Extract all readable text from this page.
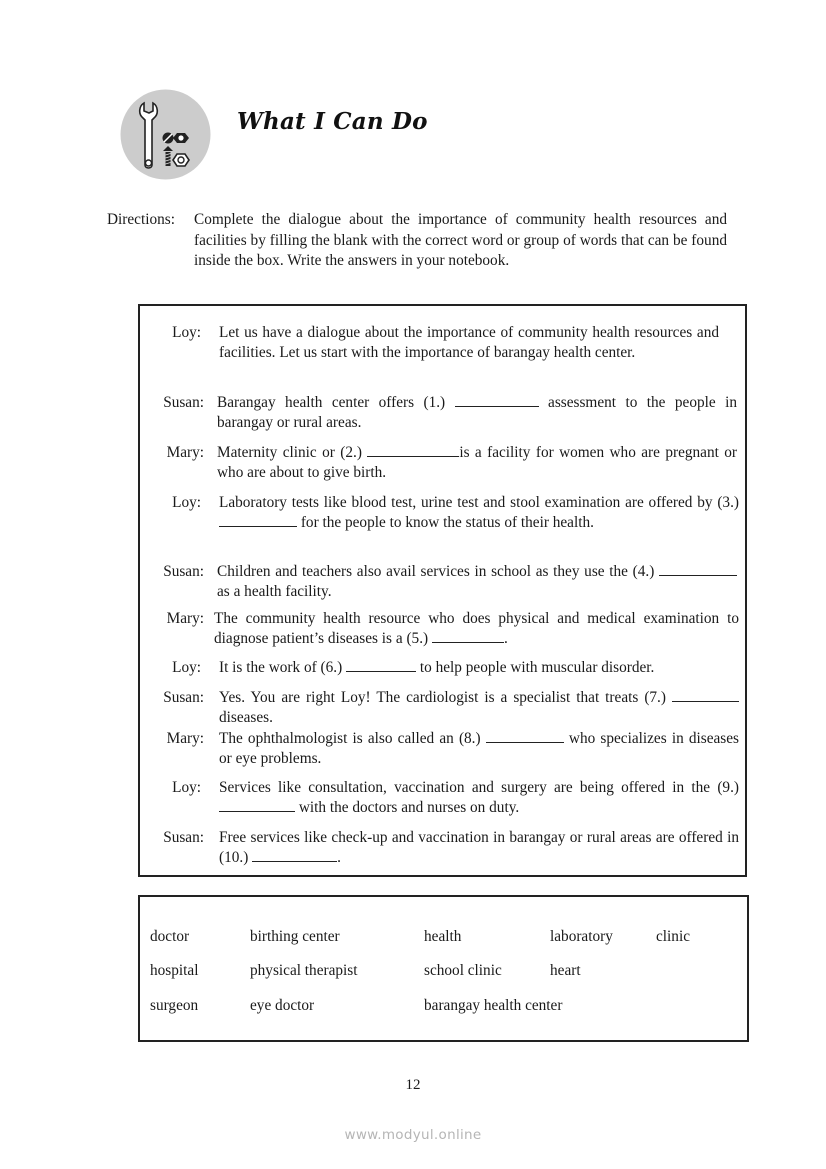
What I Can Do
Directions:	Complete the dialogue about the importance of community health resources and facilities by filling the blank with the correct word or group of words that can be found inside the box. Write the answers in your notebook.
Loy: Let us have a dialogue about the importance of community health resources and facilities. Let us start with the importance of barangay health center.
Susan: Barangay health center offers (1.)	assessment to the people in barangay or rural areas.
Mary: Maternity clinic or (2.)	is a facility for women who are pregnant or who are about to give birth.
Loy: Laboratory tests like blood test, urine test and stool examination are offered by (3.)  for the people to know the status of their health.
Susan: Children and teachers also avail services in school as they use the (4.)  as a health facility.
Mary: The community health resource who does physical and medical examination to diagnose patient’s diseases is a (5.)	.
Loy: It is the work of (6.)	to help people with muscular disorder.
Susan: Yes. You are right Loy! The cardiologist is a specialist that treats (7.)  diseases.
Mary: The ophthalmologist is also called an (8.)	who specializes in diseases or eye problems.
Loy: Services like consultation, vaccination and surgery are being offered in the (9.)  with the doctors and nurses on duty.
Susan: Free services like check-up and vaccination in barangay or rural areas are offered in (10.)	.
doctor	birthing center	health	laboratory	clinic
hospital	physical therapist	school clinic	heart
surgeon	eye doctor	barangay health center
12
www.modyul.online
